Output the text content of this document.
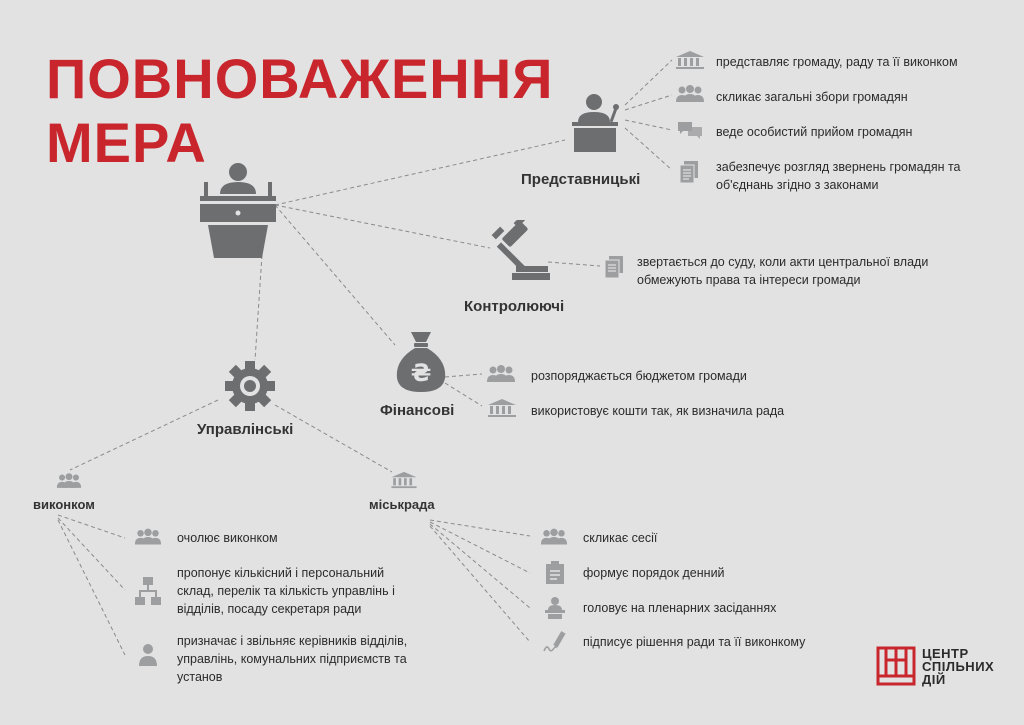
ПОВНОВАЖЕННЯ
МЕРА
Представницькі
представляє громаду, раду та її виконком
скликає загальні збори громадян
веде особистий прийом громадян
забезпечує розгляд звернень громадян та об'єднань згідно з законами
Контролюючі
звертається до суду, коли акти центральної влади обмежують права та інтереси громади
₴
Фінансові
розпоряджається бюджетом громади
використовує кошти так, як визначила рада
Управлінські
виконком	міськрада
очолює виконком
пропонує кількісний і персональний склад, перелік та кількість управлінь і відділів, посаду секретаря ради
призначає і звільняє керівників відділів, управлінь, комунальних підприємств та установ
скликає сесії
формує порядок денний
головує на пленарних засіданнях
підписує рішення ради та її виконкому
ЦЕНТР
СПІЛЬНИХ
ДІЙ
